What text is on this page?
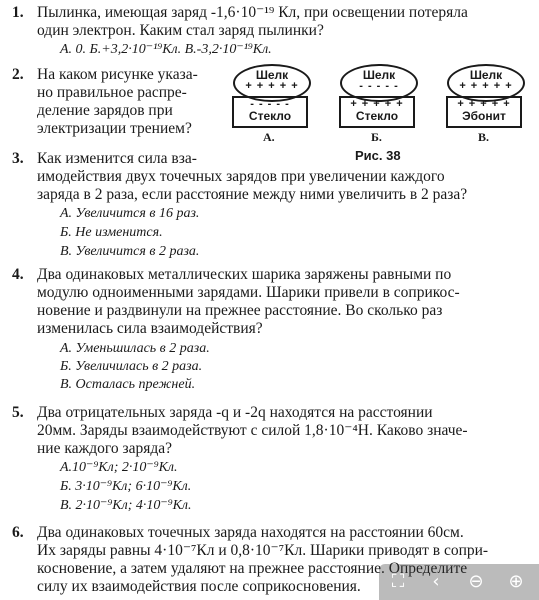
1. Пылинка, имеющая заряд -1,6·10⁻¹⁹ Кл, при освещении потеряла
один электрон. Каким стал заряд пылинки?
А. 0. Б.+3,2·10⁻¹⁹Кл. В.-3,2·10⁻¹⁹Кл.
2. На каком рисунке указа-
но правильное распре-
деление зарядов при
электризации трением?
Шелк
+ + + + +
- - - - -
Стекло
А.
Шелк
- - - - -
+ + + + +
Стекло
Б.
Шелк
+ + + + +
+ + + + +
Эбонит
В.
Рис. 38
3. Как изменится сила вза-
имодействия двух точечных зарядов при увеличении каждого
заряда в 2 раза, если расстояние между ними увеличить в 2 раза?
А. Увеличится в 16 раз.
Б. Не изменится.
В. Увеличится в 2 раза.
4. Два одинаковых металлических шарика заряжены равными по
модулю одноименными зарядами. Шарики привели в соприкос-
новение и раздвинули на прежнее расстояние. Во сколько раз
изменилась сила взаимодействия?
А. Уменьшилась в 2 раза.
Б. Увеличилась в 2 раза.
В. Осталась прежней.
5. Два отрицательных заряда -q и -2q находятся на расстоянии
20мм. Заряды взаимодействуют с силой 1,8·10⁻⁴Н. Каково значе-
ние каждого заряда?
А.10⁻⁹Кл; 2·10⁻⁹Кл.
Б. 3·10⁻⁹Кл; 6·10⁻⁹Кл.
В. 2·10⁻⁹Кл; 4·10⁻⁹Кл.
6. Два одинаковых точечных заряда находятся на расстоянии 60см.
Их заряды равны 4·10⁻⁷Кл и 0,8·10⁻⁷Кл. Шарики приводят в сопри-
косновение, а затем удаляют на прежнее расстояние. Определите
силу их взаимодействия после соприкосновения.	⛶	‹	⊖	⊕
